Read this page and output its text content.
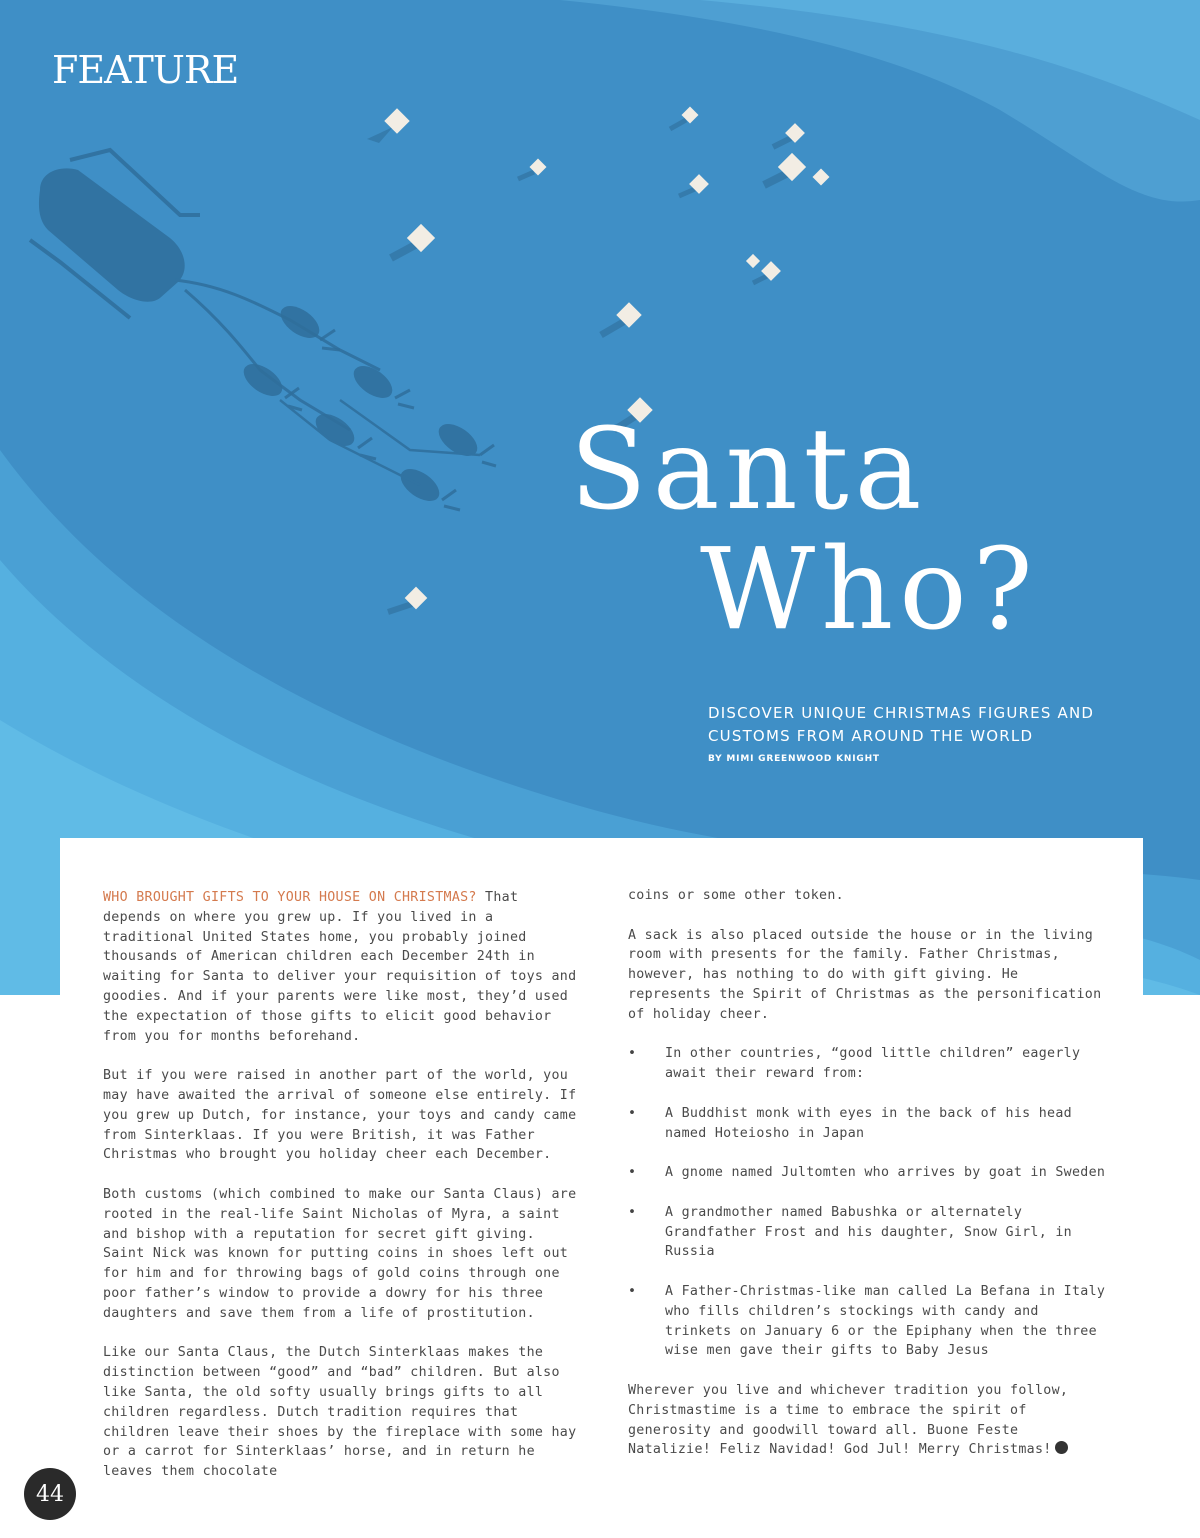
FEATURE
Santa
Who?
DISCOVER UNIQUE CHRISTMAS FIGURES AND CUSTOMS FROM AROUND THE WORLD
BY MIMI GREENWOOD KNIGHT

WHO BROUGHT GIFTS TO YOUR HOUSE ON CHRISTMAS? That depends on where you grew up. If you lived in a traditional United States home, you probably joined thousands of American children each December 24th in waiting for Santa to deliver your requisition of toys and goodies. And if your parents were like most, they’d used the expectation of those gifts to elicit good behavior from you for months beforehand.

But if you were raised in another part of the world, you may have awaited the arrival of someone else entirely. If you grew up Dutch, for instance, your toys and candy came from Sinterklaas. If you were British, it was Father Christmas who brought you holiday cheer each December.

Both customs (which combined to make our Santa Claus) are rooted in the real-life Saint Nicholas of Myra, a saint and bishop with a reputation for secret gift giving. Saint Nick was known for putting coins in shoes left out for him and for throwing bags of gold coins through one poor father’s window to provide a dowry for his three daughters and save them from a life of prostitution.

Like our Santa Claus, the Dutch Sinterklaas makes the distinction between “good” and “bad” children. But also like Santa, the old softy usually brings gifts to all children regardless. Dutch tradition requires that children leave their shoes by the fireplace with some hay or a carrot for Sinterklaas’ horse, and in return he leaves them chocolate

coins or some other token.

A sack is also placed outside the house or in the living room with presents for the family. Father Christmas, however, has nothing to do with gift giving. He represents the Spirit of Christmas as the personification of holiday cheer.

• In other countries, “good little children” eagerly await their reward from:
• A Buddhist monk with eyes in the back of his head named Hoteiosho in Japan
• A gnome named Jultomten who arrives by goat in Sweden
• A grandmother named Babushka or alternately Grandfather Frost and his daughter, Snow Girl, in Russia
• A Father-Christmas-like man called La Befana in Italy who fills children’s stockings with candy and trinkets on January 6 or the Epiphany when the three wise men gave their gifts to Baby Jesus

Wherever you live and whichever tradition you follow, Christmastime is a time to embrace the spirit of generosity and goodwill toward all. Buone Feste Natalizie! Feliz Navidad! God Jul! Merry Christmas!

44
